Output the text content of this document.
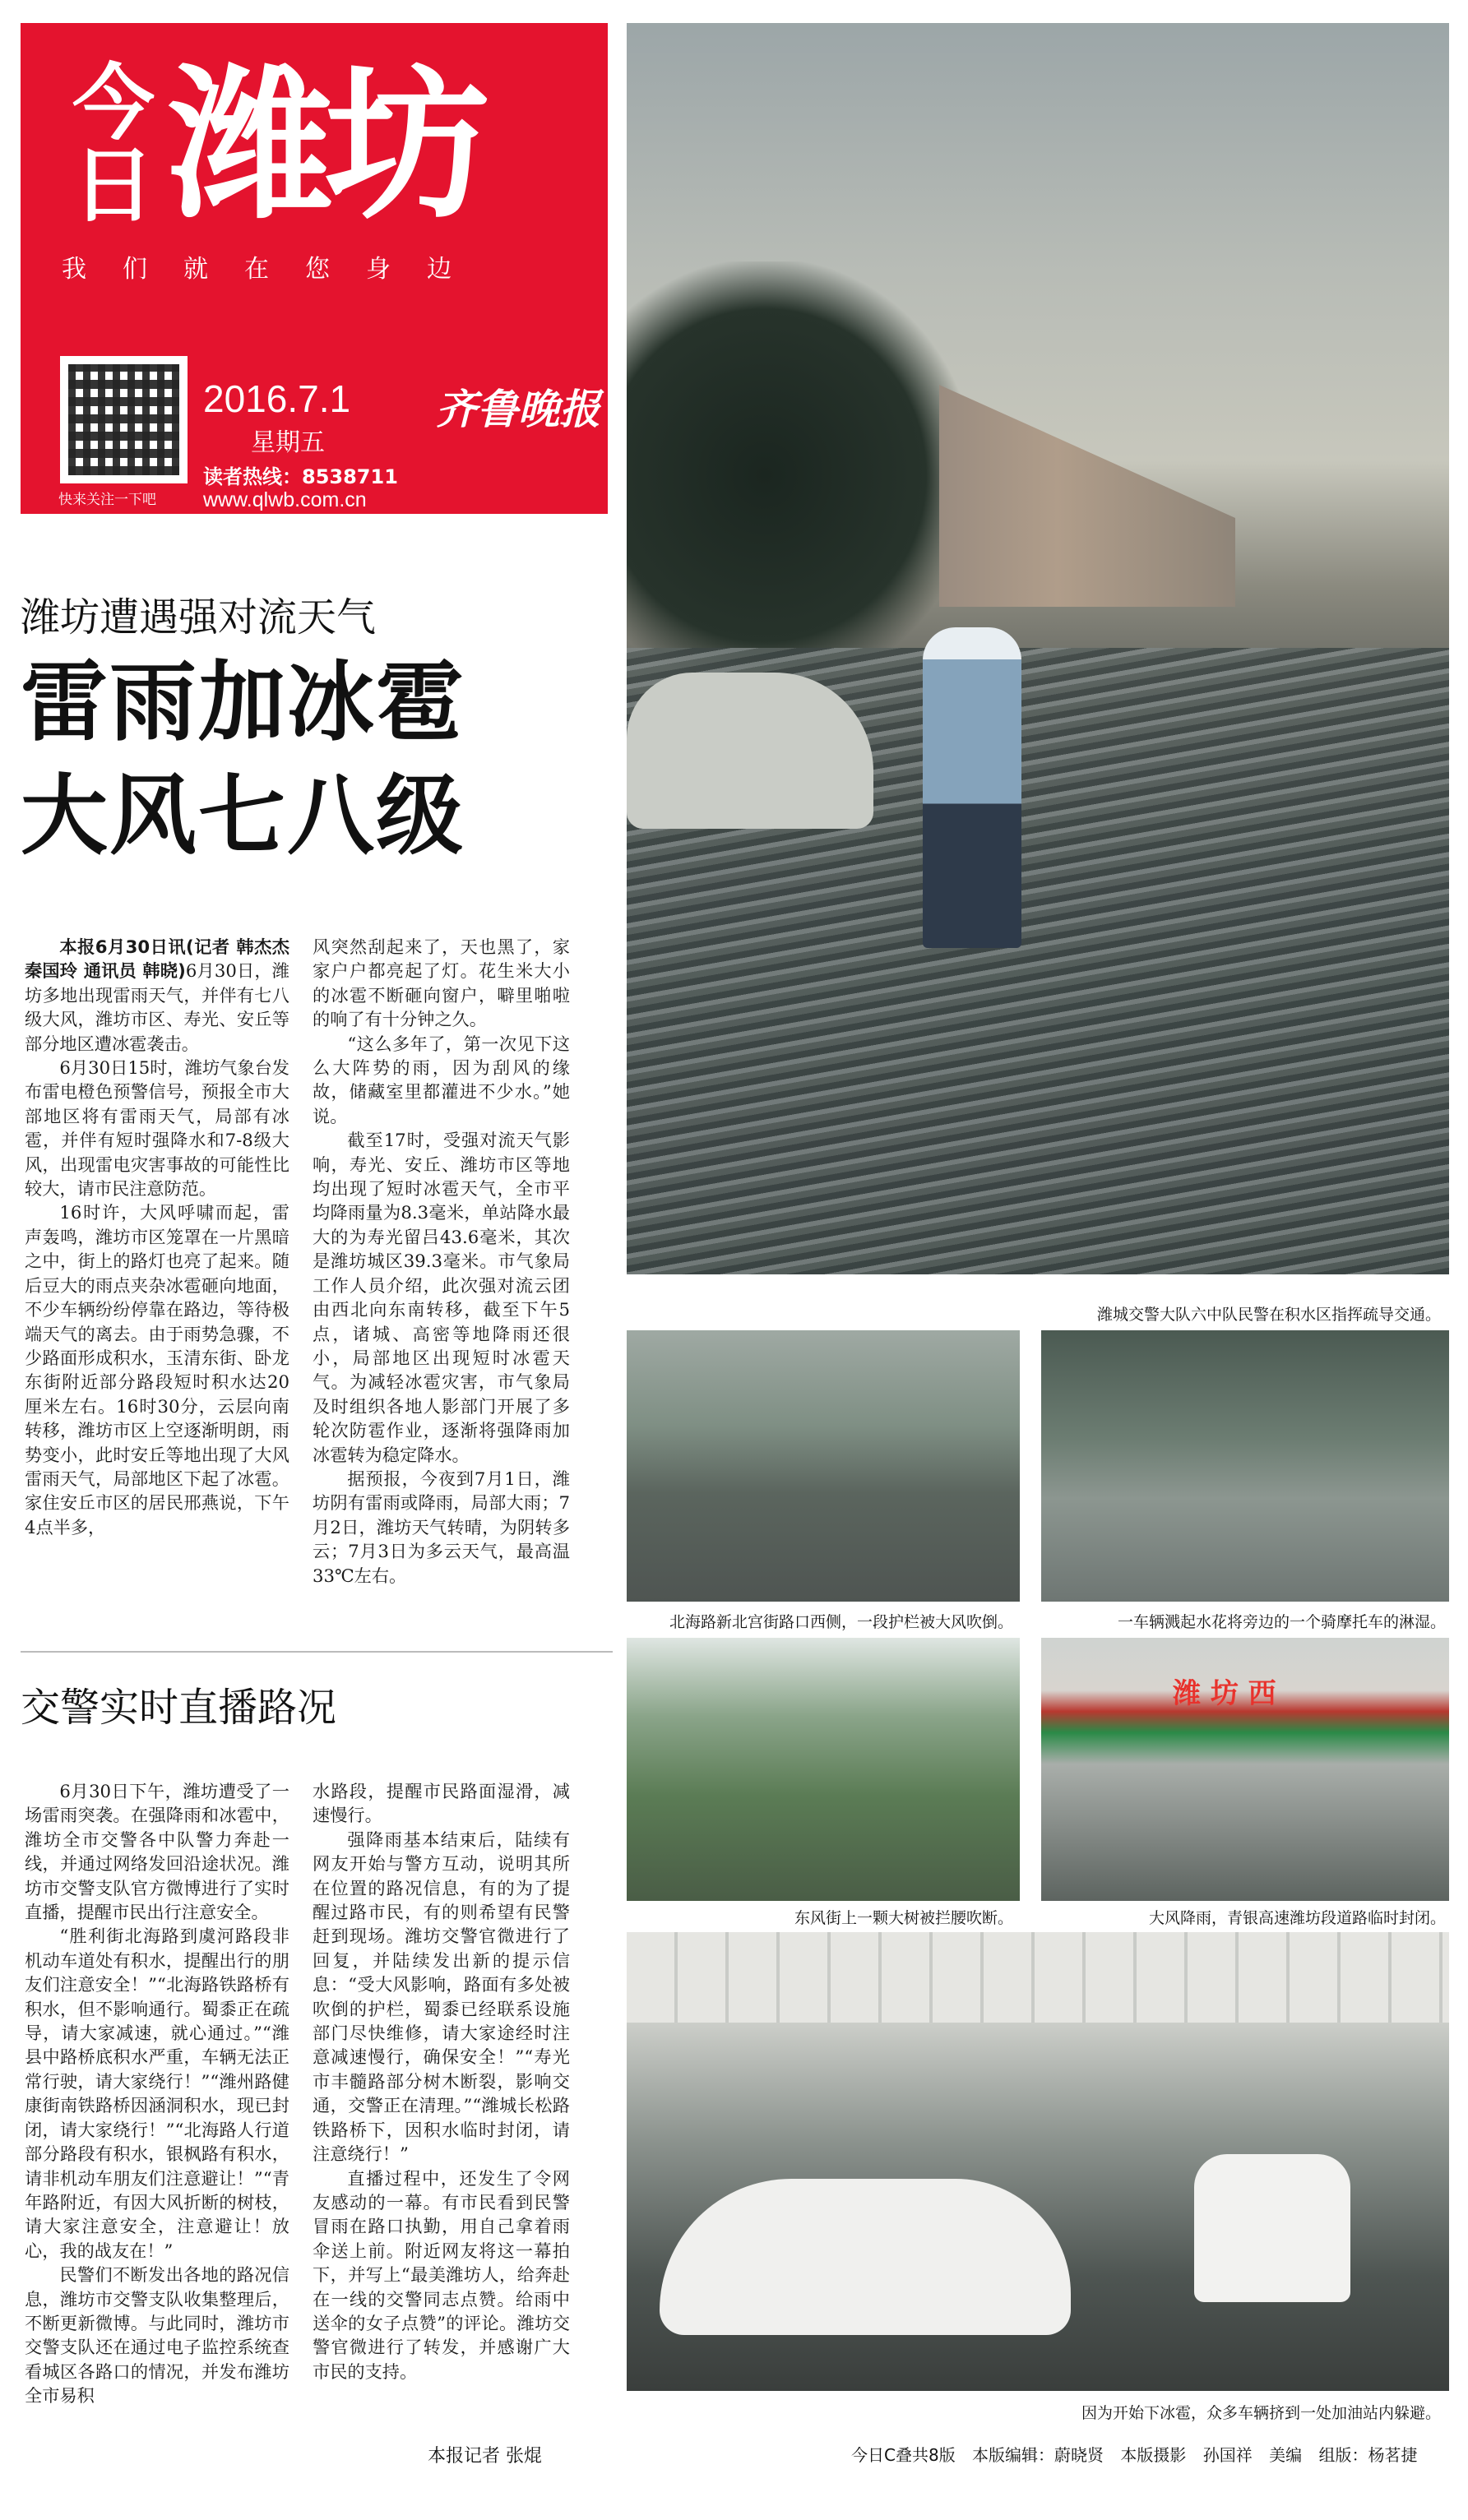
今日 潍坊
我们就在您身边
快来关注一下吧
2016.7.1
星期五
齐鲁晚报
读者热线：8538711
www.qlwb.com.cn
潍坊遭遇强对流天气
雷雨加冰雹
大风七八级

本报6月30日讯(记者 韩杰杰 秦国玲 通讯员 韩晓)6月30日，潍坊多地出现雷雨天气，并伴有七八级大风，潍坊市区、寿光、安丘等部分地区遭冰雹袭击。

6月30日15时，潍坊气象台发布雷电橙色预警信号，预报全市大部地区将有雷雨天气，局部有冰雹，并伴有短时强降水和7-8级大风，出现雷电灾害事故的可能性比较大，请市民注意防范。

16时许，大风呼啸而起，雷声轰鸣，潍坊市区笼罩在一片黑暗之中，街上的路灯也亮了起来。随后豆大的雨点夹杂冰雹砸向地面，不少车辆纷纷停靠在路边，等待极端天气的离去。由于雨势急骤，不少路面形成积水，玉清东街、卧龙东街附近部分路段短时积水达20厘米左右。16时30分，云层向南转移，潍坊市区上空逐渐明朗，雨势变小，此时安丘等地出现了大风雷雨天气，局部地区下起了冰雹。家住安丘市区的居民邢燕说，下午4点半多，

风突然刮起来了，天也黑了，家家户户都亮起了灯。花生米大小的冰雹不断砸向窗户，噼里啪啦的响了有十分钟之久。

“这么多年了，第一次见下这么大阵势的雨，因为刮风的缘故，储藏室里都灌进不少水。”她说。

截至17时，受强对流天气影响，寿光、安丘、潍坊市区等地均出现了短时冰雹天气，全市平均降雨量为8.3毫米，单站降水最大的为寿光留吕43.6毫米，其次是潍坊城区39.3毫米。市气象局工作人员介绍，此次强对流云团由西北向东南转移，截至下午5点，诸城、高密等地降雨还很小，局部地区出现短时冰雹天气。为减轻冰雹灾害，市气象局及时组织各地人影部门开展了多轮次防雹作业，逐渐将强降雨加冰雹转为稳定降水。

据预报，今夜到7月1日，潍坊阴有雷雨或降雨，局部大雨；7月2日，潍坊天气转晴，为阴转多云；7月3日为多云天气，最高温33℃左右。

交警实时直播路况

6月30日下午，潍坊遭受了一场雷雨突袭。在强降雨和冰雹中，潍坊全市交警各中队警力奔赴一线，并通过网络发回沿途状况。潍坊市交警支队官方微博进行了实时直播，提醒市民出行注意安全。

“胜利街北海路到虞河路段非机动车道处有积水，提醒出行的朋友们注意安全！”“北海路铁路桥有积水，但不影响通行。蜀黍正在疏导，请大家减速，就心通过。”“潍县中路桥底积水严重，车辆无法正常行驶，请大家绕行！”“潍州路健康街南铁路桥因涵洞积水，现已封闭，请大家绕行！”“北海路人行道部分路段有积水，银枫路有积水，请非机动车朋友们注意避让！”“青年路附近，有因大风折断的树枝，请大家注意安全，注意避让！放心，我的战友在！”

民警们不断发出各地的路况信息，潍坊市交警支队收集整理后，不断更新微博。与此同时，潍坊市交警支队还在通过电子监控系统查看城区各路口的情况，并发布潍坊全市易积

水路段，提醒市民路面湿滑，减速慢行。

强降雨基本结束后，陆续有网友开始与警方互动，说明其所在位置的路况信息，有的为了提醒过路市民，有的则希望有民警赶到现场。潍坊交警官微进行了回复，并陆续发出新的提示信息：“受大风影响，路面有多处被吹倒的护栏，蜀黍已经联系设施部门尽快维修，请大家途经时注意减速慢行，确保安全！”“寿光市丰髓路部分树木断裂，影响交通，交警正在清理。”“潍城长松路铁路桥下，因积水临时封闭，请注意绕行！”

直播过程中，还发生了令网友感动的一幕。有市民看到民警冒雨在路口执勤，用自己拿着雨伞送上前。附近网友将这一幕拍下，并写上“最美潍坊人，给奔赴在一线的交警同志点赞。给雨中送伞的女子点赞”的评论。潍坊交警官微进行了转发，并感谢广大市民的支持。

本报记者 张焜
潍城交警大队六中队民警在积水区指挥疏导交通。
北海路新北宫街路口西侧，一段护栏被大风吹倒。	一车辆溅起水花将旁边的一个骑摩托车的淋湿。
东风街上一颗大树被拦腰吹断。
潍 坊 西
大风降雨，青银高速潍坊段道路临时封闭。
因为开始下冰雹，众多车辆挤到一处加油站内躲避。
今日C叠共8版 本版编辑：蔚晓贤 本版摄影 孙国祥 美编 组版：杨茗捷
